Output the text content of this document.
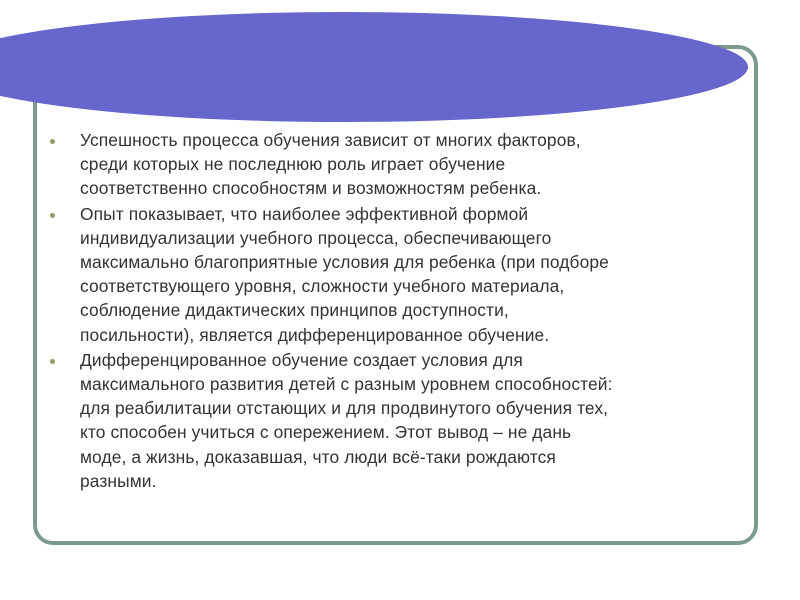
Успешность процесса обучения зависит от многих факторов,
среди которых не последнюю роль играет обучение
соответственно способностям и возможностям ребенка.
Опыт показывает, что наиболее эффективной формой
индивидуализации учебного процесса, обеспечивающего
максимально благоприятные условия для ребенка (при подборе
соответствующего уровня, сложности учебного материала,
соблюдение дидактических принципов доступности,
посильности), является дифференцированное обучение.
Дифференцированное обучение создает условия для
максимального развития детей с разным уровнем способностей:
для реабилитации отстающих и для продвинутого обучения тех,
кто способен учиться с опережением. Этот вывод – не дань
моде, а жизнь, доказавшая, что люди всё-таки рождаются
разными.
